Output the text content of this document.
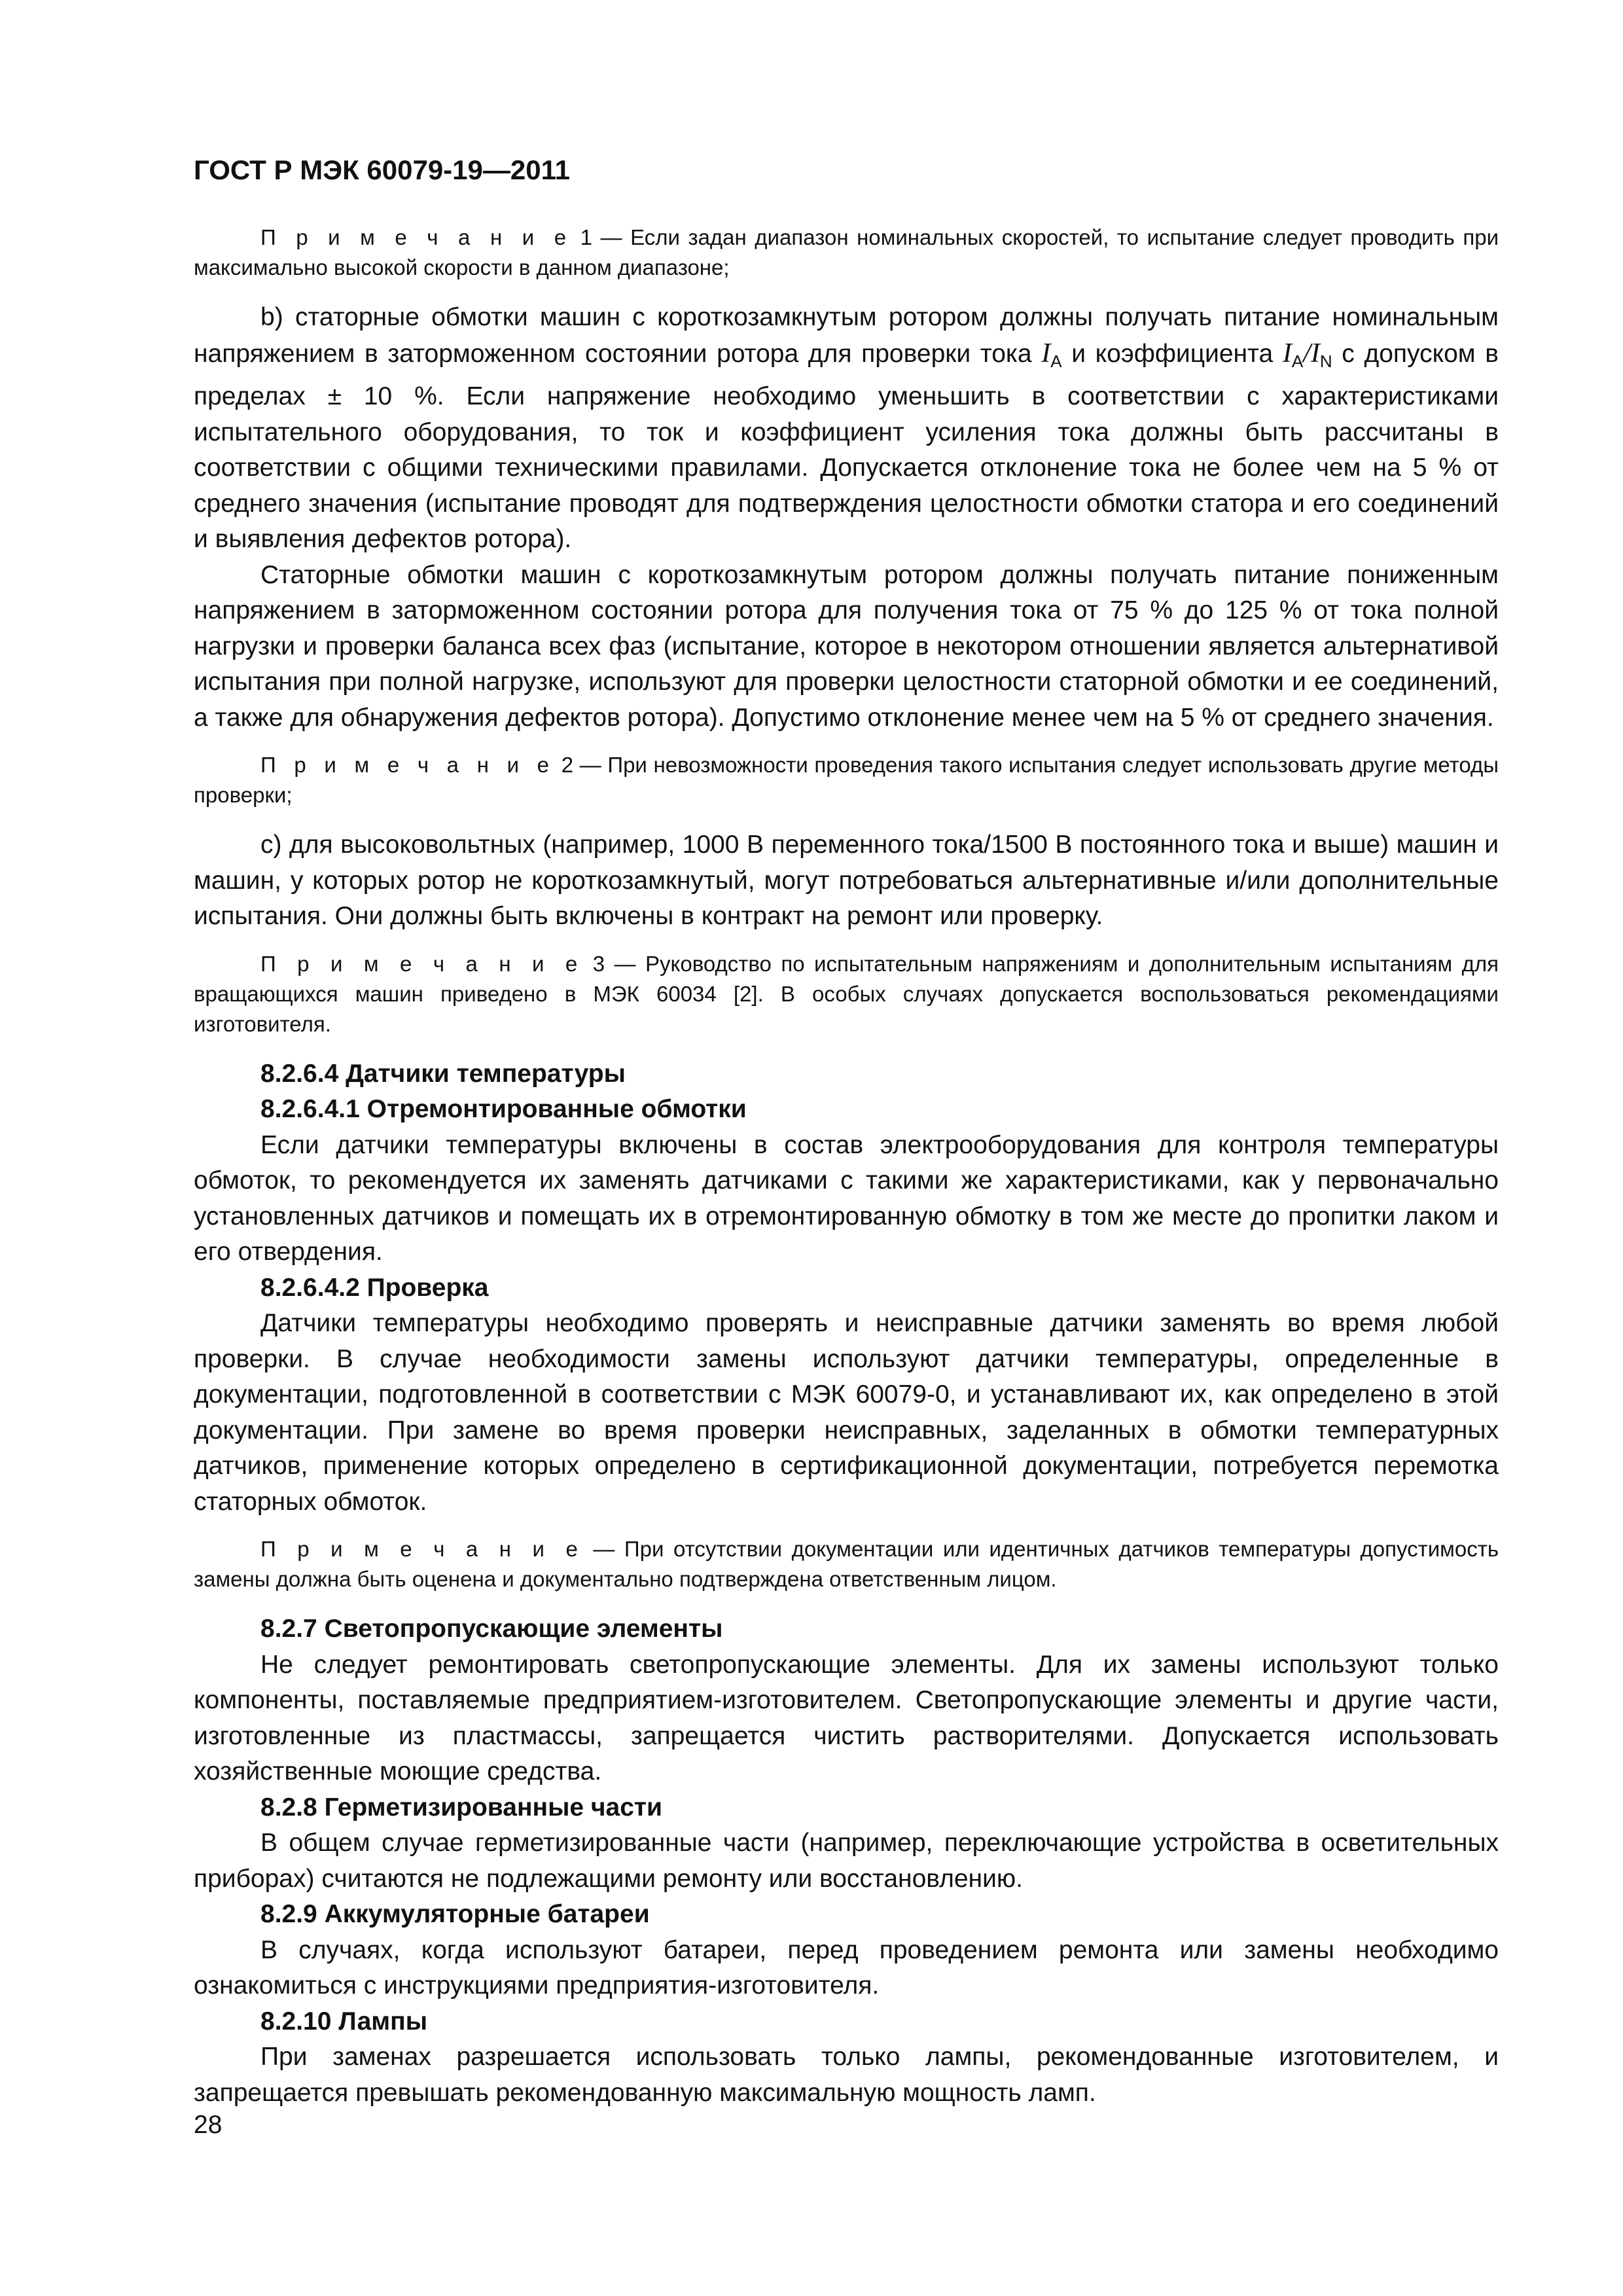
ГОСТ Р МЭК 60079-19—2011

П р и м е ч а н и е 1 — Если задан диапазон номинальных скоростей, то испытание следует проводить при максимально высокой скорости в данном диапазоне;

b) статорные обмотки машин с короткозамкнутым ротором должны получать питание номинальным напряжением в заторможенном состоянии ротора для проверки тока $I_A$ и коэффициента $I_A/I_N$ с допуском в пределах ± 10 %. Если напряжение необходимо уменьшить в соответствии с характеристиками испытательного оборудования, то ток и коэффициент усиления тока должны быть рассчитаны в соответствии с общими техническими правилами. Допускается отклонение тока не более чем на 5 % от среднего значения (испытание проводят для подтверждения целостности обмотки статора и его соединений и выявления дефектов ротора).

Статорные обмотки машин с короткозамкнутым ротором должны получать питание пониженным напряжением в заторможенном состоянии ротора для получения тока от 75 % до 125 % от тока полной нагрузки и проверки баланса всех фаз (испытание, которое в некотором отношении является альтернативой испытания при полной нагрузке, используют для проверки целостности статорной обмотки и ее соединений, а также для обнаружения дефектов ротора). Допустимо отклонение менее чем на 5 % от среднего значения.

П р и м е ч а н и е 2 — При невозможности проведения такого испытания следует использовать другие методы проверки;

с) для высоковольтных (например, 1000 В переменного тока/1500 В постоянного тока и выше) машин и машин, у которых ротор не короткозамкнутый, могут потребоваться альтернативные и/или дополнительные испытания. Они должны быть включены в контракт на ремонт или проверку.

П р и м е ч а н и е 3 — Руководство по испытательным напряжениям и дополнительным испытаниям для вращающихся машин приведено в МЭК 60034 [2]. В особых случаях допускается воспользоваться рекомендациями изготовителя.

8.2.6.4 Датчики температуры
8.2.6.4.1 Отремонтированные обмотки

Если датчики температуры включены в состав электрооборудования для контроля температуры обмоток, то рекомендуется их заменять датчиками с такими же характеристиками, как у первоначально установленных датчиков и помещать их в отремонтированную обмотку в том же месте до пропитки лаком и его отвердения.

8.2.6.4.2 Проверка

Датчики температуры необходимо проверять и неисправные датчики заменять во время любой проверки. В случае необходимости замены используют датчики температуры, определенные в документации, подготовленной в соответствии с МЭК 60079-0, и устанавливают их, как определено в этой документации. При замене во время проверки неисправных, заделанных в обмотки температурных датчиков, применение которых определено в сертификационной документации, потребуется перемотка статорных обмоток.

П р и м е ч а н и е — При отсутствии документации или идентичных датчиков температуры допустимость замены должна быть оценена и документально подтверждена ответственным лицом.

8.2.7 Светопропускающие элементы

Не следует ремонтировать светопропускающие элементы. Для их замены используют только компоненты, поставляемые предприятием-изготовителем. Светопропускающие элементы и другие части, изготовленные из пластмассы, запрещается чистить растворителями. Допускается использовать хозяйственные моющие средства.

8.2.8 Герметизированные части

В общем случае герметизированные части (например, переключающие устройства в осветительных приборах) считаются не подлежащими ремонту или восстановлению.

8.2.9 Аккумуляторные батареи

В случаях, когда используют батареи, перед проведением ремонта или замены необходимо ознакомиться с инструкциями предприятия-изготовителя.

8.2.10 Лампы

При заменах разрешается использовать только лампы, рекомендованные изготовителем, и запрещается превышать рекомендованную максимальную мощность ламп.

28
